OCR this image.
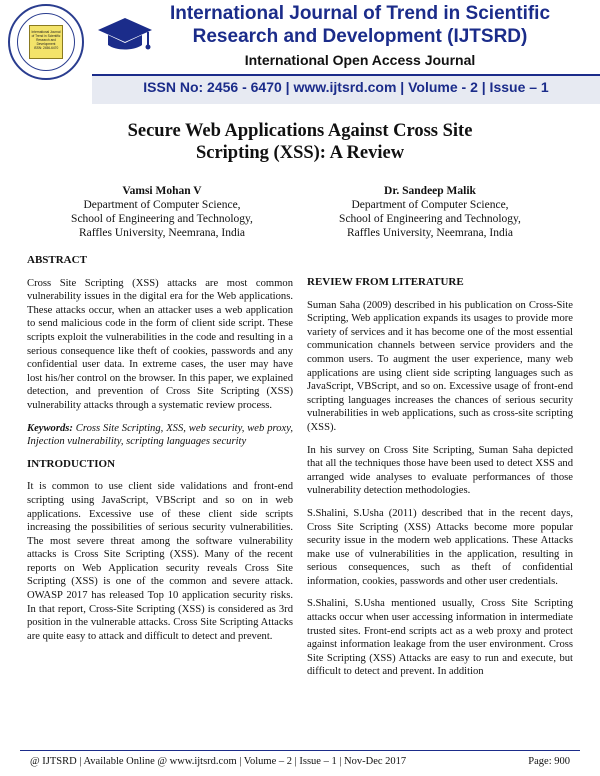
International Journal of Trend in Scientific Research and Development
ISSN: 2456-6470
International Journal of Trend in Scientific
Research and Development (IJTSRD)
International Open Access Journal
ISSN No: 2456 - 6470 | www.ijtsrd.com | Volume - 2 | Issue – 1
Secure Web Applications Against Cross Site
Scripting (XSS): A Review
Vamsi Mohan V
Department of Computer Science,
School of Engineering and Technology,
Raffles University, Neemrana, India
Dr. Sandeep Malik
Department of Computer Science,
School of Engineering and Technology,
Raffles University, Neemrana, India
ABSTRACT

Cross Site Scripting (XSS) attacks are most common vulnerability issues in the digital era for the Web applications. These attacks occur, when an attacker uses a web application to send malicious code in the form of client side script. These scripts exploit the vulnerabilities in the code and resulting in a serious consequence like theft of cookies, passwords and any confidential user data. In extreme cases, the user may have lost his/her control on the browser. In this paper, we explained detection, and prevention of Cross Site Scripting (XSS) vulnerability attacks through a systematic review process.

Keywords: Cross Site Scripting, XSS, web security, web proxy, Injection vulnerability, scripting languages security

INTRODUCTION

It is common to use client side validations and front-end scripting using JavaScript, VBScript and so on in web applications. Excessive use of these client side scripts increasing the possibilities of serious security vulnerabilities. The most severe threat among the software vulnerability attacks is Cross Site Scripting (XSS). Many of the recent reports on Web Application security reveals Cross Site Scripting (XSS) is one of the common and severe attack. OWASP 2017 has released Top 10 application security risks. In that report, Cross-Site Scripting (XSS) is considered as 3rd position in the vulnerable attacks. Cross Site Scripting Attacks are quite easy to attack and difficult to detect and prevent.

REVIEW FROM LITERATURE

Suman Saha (2009) described in his publication on Cross-Site Scripting, Web application expands its usages to provide more variety of services and it has become one of the most essential communication channels between service providers and the common users. To augment the user experience, many web applications are using client side scripting languages such as JavaScript, VBScript, and so on. Excessive usage of front-end scripting languages increases the chances of serious security vulnerabilities in web applications, such as cross-site scripting (XSS).

In his survey on Cross Site Scripting, Suman Saha depicted that all the techniques those have been used to detect XSS and arranged wide analyses to evaluate performances of those vulnerability detection methodologies.

S.Shalini, S.Usha (2011) described that in the recent days, Cross Site Scripting (XSS) Attacks become more popular security issue in the modern web applications. These Attacks make use of vulnerabilities in the application, resulting in serious consequences, such as theft of confidential information, cookies, passwords and other user credentials.

S.Shalini, S.Usha mentioned usually, Cross Site Scripting attacks occur when user accessing information in intermediate trusted sites. Front-end scripts act as a web proxy and protect against information leakage from the user environment. Cross Site Scripting (XSS) Attacks are easy to run and execute, but difficult to detect and prevent. In addition

@ IJTSRD | Available Online @ www.ijtsrd.com | Volume – 2 | Issue – 1 | Nov-Dec 2017	Page: 900
